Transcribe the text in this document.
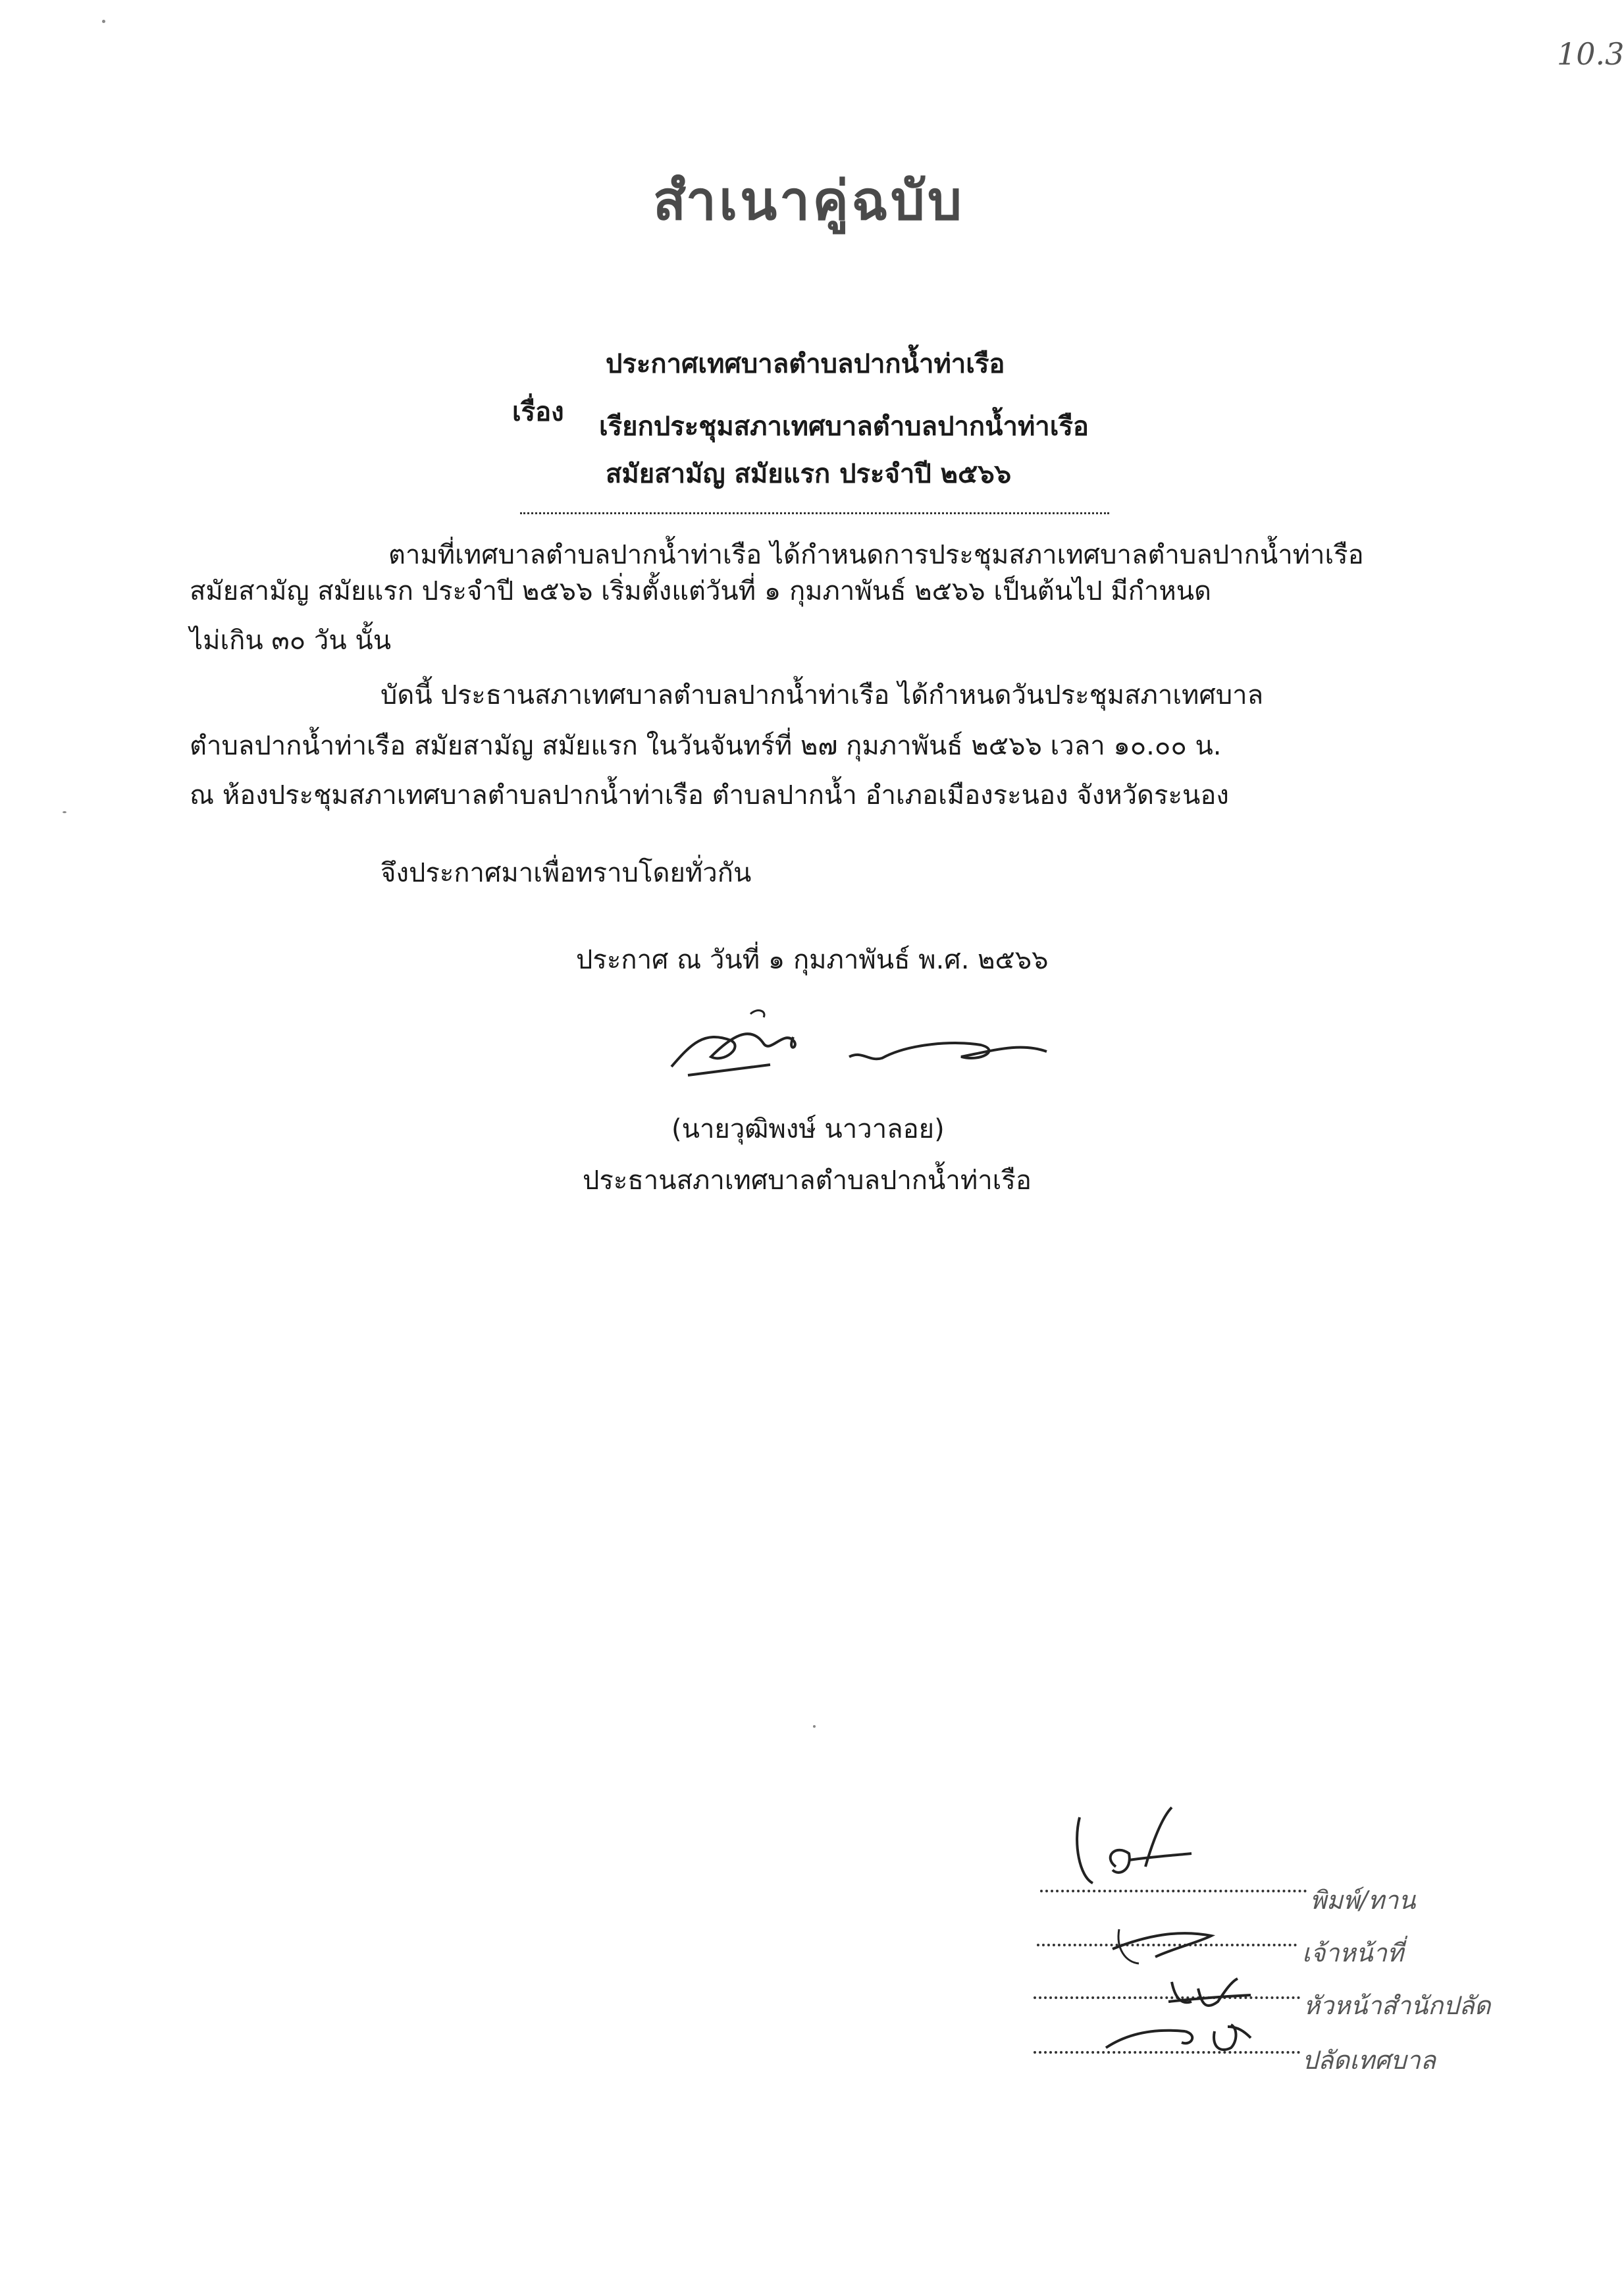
10.3
สำเนาคู่ฉบับ
ประกาศเทศบาลตำบลปากน้ำท่าเรือ
เรื่อง เรียกประชุมสภาเทศบาลตำบลปากน้ำท่าเรือ
สมัยสามัญ สมัยแรก ประจำปี ๒๕๖๖
ตามที่เทศบาลตำบลปากน้ำท่าเรือ ได้กำหนดการประชุมสภาเทศบาลตำบลปากน้ำท่าเรือ
สมัยสามัญ สมัยแรก ประจำปี ๒๕๖๖ เริ่มตั้งแต่วันที่ ๑ กุมภาพันธ์ ๒๕๖๖ เป็นต้นไป มีกำหนด
ไม่เกิน ๓๐ วัน นั้น
บัดนี้ ประธานสภาเทศบาลตำบลปากน้ำท่าเรือ ได้กำหนดวันประชุมสภาเทศบาล
ตำบลปากน้ำท่าเรือ สมัยสามัญ สมัยแรก ในวันจันทร์ที่ ๒๗ กุมภาพันธ์ ๒๕๖๖ เวลา ๑๐.๐๐ น.
ณ ห้องประชุมสภาเทศบาลตำบลปากน้ำท่าเรือ ตำบลปากน้ำ อำเภอเมืองระนอง จังหวัดระนอง
จึงประกาศมาเพื่อทราบโดยทั่วกัน
ประกาศ ณ วันที่ ๑ กุมภาพันธ์ พ.ศ. ๒๕๖๖
(นายวุฒิพงษ์ นาวาลอย)
ประธานสภาเทศบาลตำบลปากน้ำท่าเรือ
พิมพ์/ทาน
เจ้าหน้าที่
หัวหน้าสำนักปลัด
ปลัดเทศบาล
